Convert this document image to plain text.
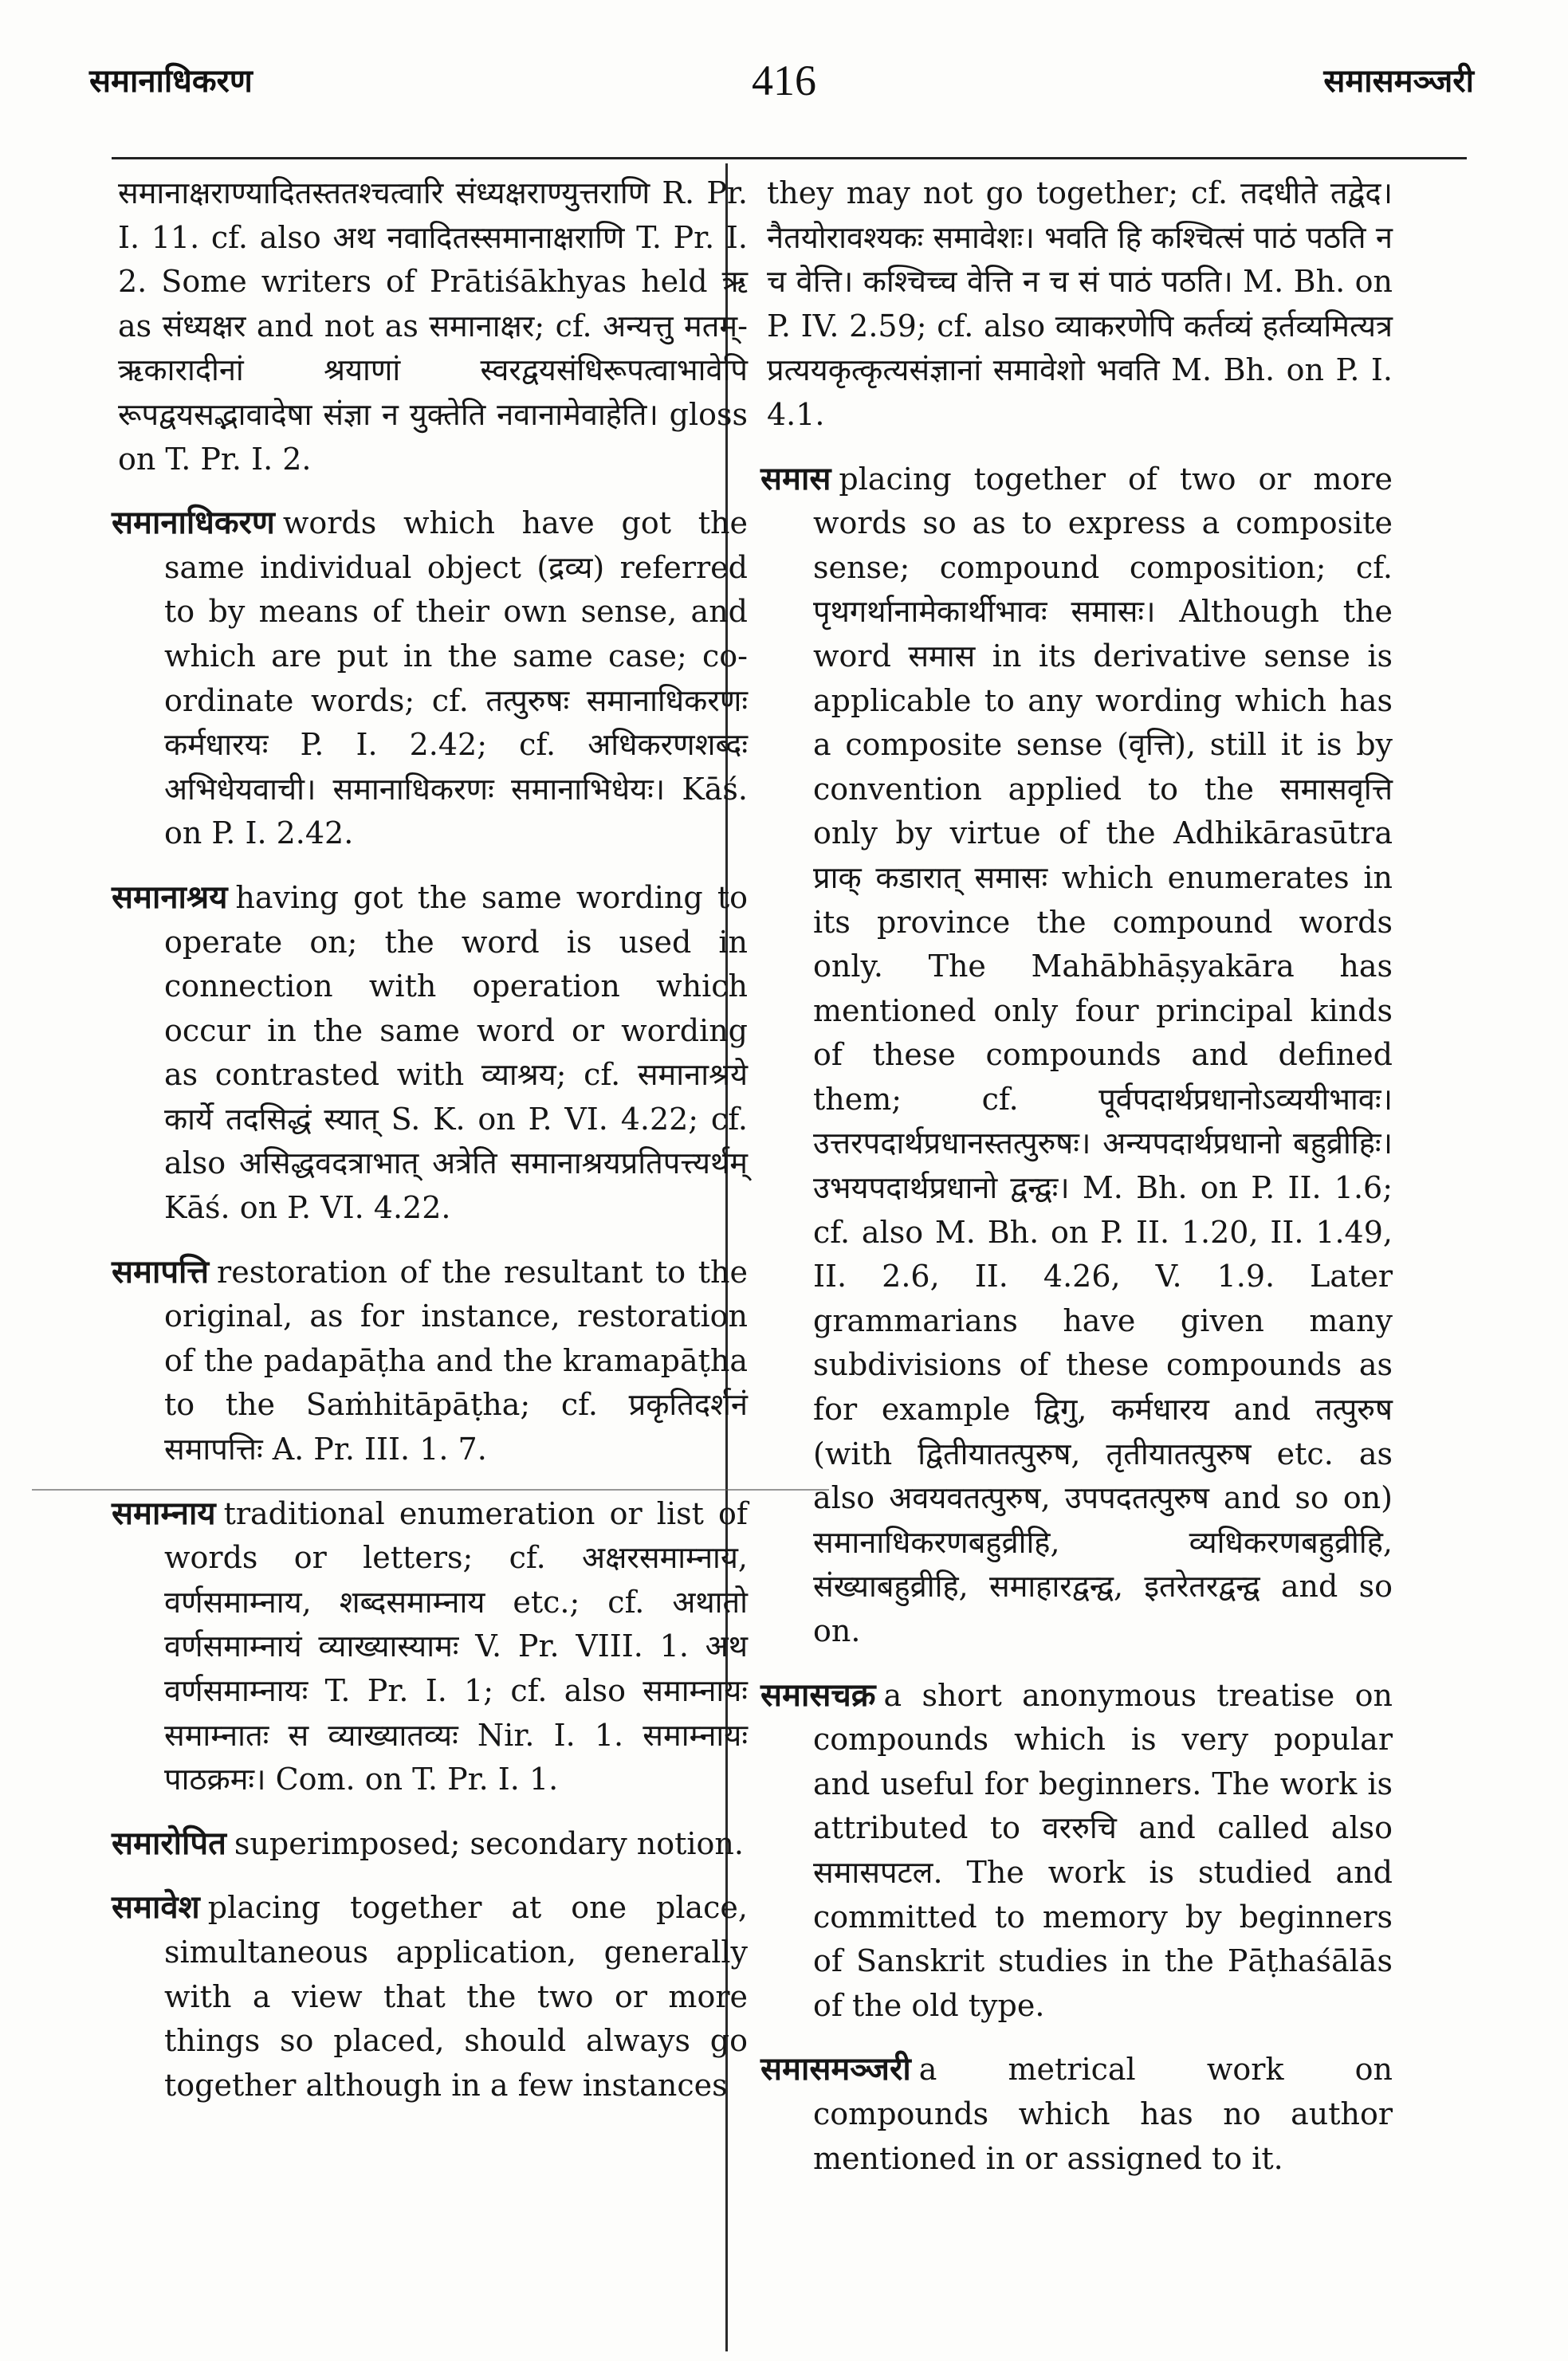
समानाधिकरण	416	समासमञ्जरी
समानाक्षराण्यादितस्ततश्चत्वारि संध्यक्षराण्युत्तराणि R. Pr. I. 11. cf. also अथ नवादितस्समानाक्षराणि T. Pr. I. 2. Some writers of Prātiśākhyas held ऋ as संध्यक्षर and not as समानाक्षर; cf. अन्यत्तु मतम्-ऋकारादीनां श्रयाणां स्वरद्वयसंधिरूपत्वाभावेपि रूपद्वयसद्भावादेषा संज्ञा न युक्तेति नवानामेवाहेति। gloss on T. Pr. I. 2.
समानाधिकरण words which have got the same individual object (द्रव्य) referred to by means of their own sense, and which are put in the same case; co-ordinate words; cf. तत्पुरुषः समानाधिकरणः कर्मधारयः P. I. 2.42; cf. अधिकरणशब्दः अभिधेयवाची। समानाधिकरणः समानाभिधेयः। Kāś. on P. I. 2.42.
समानाश्रय having got the same wording to operate on; the word is used in connection with operation which occur in the same word or wording as contrasted with व्याश्रय; cf. समानाश्रये कार्ये तदसिद्धं स्यात् S. K. on P. VI. 4.22; cf. also असिद्धवदत्राभात् अत्रेति समानाश्रयप्रतिपत्त्यर्थम् Kāś. on P. VI. 4.22.
समापत्ति restoration of the resultant to the original, as for instance, restoration of the padapāṭha and the kramapāṭha to the Saṁhitāpāṭha; cf. प्रकृतिदर्शनं समापत्तिः A. Pr. III. 1. 7.
समाम्नाय traditional enumeration or list of words or letters; cf. अक्षरसमाम्नाय, वर्णसमाम्नाय, शब्दसमाम्नाय etc.; cf. अथातो वर्णसमाम्नायं व्याख्यास्यामः V. Pr. VIII. 1. अथ वर्णसमाम्नायः T. Pr. I. 1; cf. also समाम्नायः समाम्नातः स व्याख्यातव्यः Nir. I. 1. समाम्नायः पाठक्रमः। Com. on T. Pr. I. 1.
समारोपित superimposed; secondary notion.
समावेश placing together at one place, simultaneous application, generally with a view that the two or more things so placed, should always go together although in a few instances
they may not go together; cf. तदधीते तद्वेद। नैतयोरावश्यकः समावेशः। भवति हि कश्चित्सं पाठं पठति न च वेत्ति। कश्चिच्च वेत्ति न च सं पाठं पठति। M. Bh. on P. IV. 2.59; cf. also व्याकरणेपि कर्तव्यं हर्तव्यमित्यत्र प्रत्ययकृत्कृत्यसंज्ञानां समावेशो भवति M. Bh. on P. I. 4.1.
समास placing together of two or more words so as to express a composite sense; compound composition; cf. पृथगर्थानामेकार्थीभावः समासः। Although the word समास in its derivative sense is applicable to any wording which has a composite sense (वृत्ति), still it is by convention applied to the समासवृत्ति only by virtue of the Adhikārasūtra प्राक् कडारात् समासः which enumerates in its province the compound words only. The Mahābhāṣyakāra has mentioned only four principal kinds of these compounds and defined them; cf. पूर्वपदार्थप्रधानोऽव्ययीभावः। उत्तरपदार्थप्रधानस्तत्पुरुषः। अन्यपदार्थप्रधानो बहुव्रीहिः। उभयपदार्थप्रधानो द्वन्द्वः। M. Bh. on P. II. 1.6; cf. also M. Bh. on P. II. 1.20, II. 1.49, II. 2.6, II. 4.26, V. 1.9. Later grammarians have given many subdivisions of these compounds as for example द्विगु, कर्मधारय and तत्पुरुष (with द्वितीयातत्पुरुष, तृतीयातत्पुरुष etc. as also अवयवतत्पुरुष, उपपदतत्पुरुष and so on) समानाधिकरणबहुव्रीहि, व्यधिकरणबहुव्रीहि, संख्याबहुव्रीहि, समाहारद्वन्द्व, इतरेतरद्वन्द्व and so on.
समासचक्र a short anonymous treatise on compounds which is very popular and useful for beginners. The work is attributed to वररुचि and called also समासपटल. The work is studied and committed to memory by beginners of Sanskrit studies in the Pāṭhaśālās of the old type.
समासमञ्जरी a metrical work on compounds which has no author mentioned in or assigned to it.
